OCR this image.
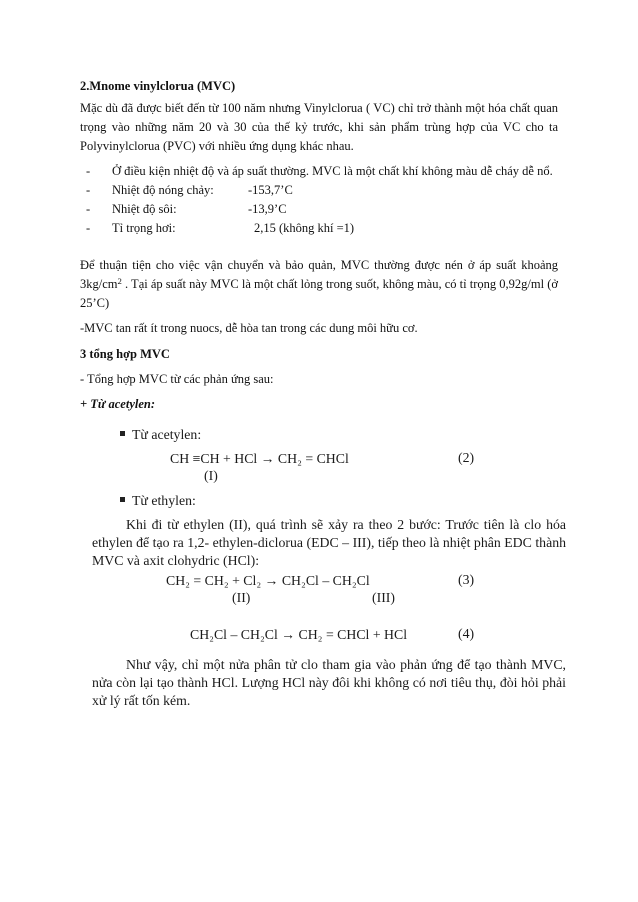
2.Mnome vinylclorua (MVC)

Mặc dù đã được biết đến từ 100 năm nhưng Vinylclorua ( VC) chỉ trở thành một hóa chất quan trọng vào những năm 20 và 30 của thế kỷ trước, khi sản phẩm trùng hợp của VC cho ta Polyvinylclorua (PVC) với nhiều ứng dụng khác nhau.

- Ở điều kiện nhiệt độ và áp suất thường. MVC là một chất khí không màu dễ cháy dễ nổ.
- Nhiệt độ nóng chảy:	-153,7’C
- Nhiệt độ sôi:	-13,9’C
- Tỉ trọng hơi:	2,15 (không khí =1)

Để thuận tiện cho việc vận chuyển và bảo quản, MVC thường được nén ở áp suất khoảng $3kg/cm^2$ . Tại áp suất này MVC là một chất lỏng trong suốt, không màu, có tỉ trọng 0,92g/ml (ở 25’C)

-MVC tan rất ít trong nuocs, dễ hòa tan trong các dung môi hữu cơ.

3 tổng hợp MVC

- Tổng hợp MVC từ các phản ứng sau:

+ Từ acetylen:

Từ acetylen:
CH ≡CH + HCl → CH₂ = CHCl
(I)
(2)
Từ ethylen:
Khi đi từ ethylen (II), quá trình sẽ xảy ra theo 2 bước: Trước tiên là clo hóa ethylen để tạo ra 1,2- ethylen-diclorua (EDC – III), tiếp theo là nhiệt phân EDC thành MVC và axit clohydric (HCl):
CH₂ = CH₂ + Cl₂ → CH₂Cl – CH₂Cl
(II)	(III)
(3)
CH₂Cl – CH₂Cl → CH₂ = CHCl + HCl	(4)
Như vậy, chỉ một nửa phân tử clo tham gia vào phản ứng để tạo thành MVC, nửa còn lại tạo thành HCl. Lượng HCl này đôi khi không có nơi tiêu thụ, đòi hỏi phải xử lý rất tốn kém.
